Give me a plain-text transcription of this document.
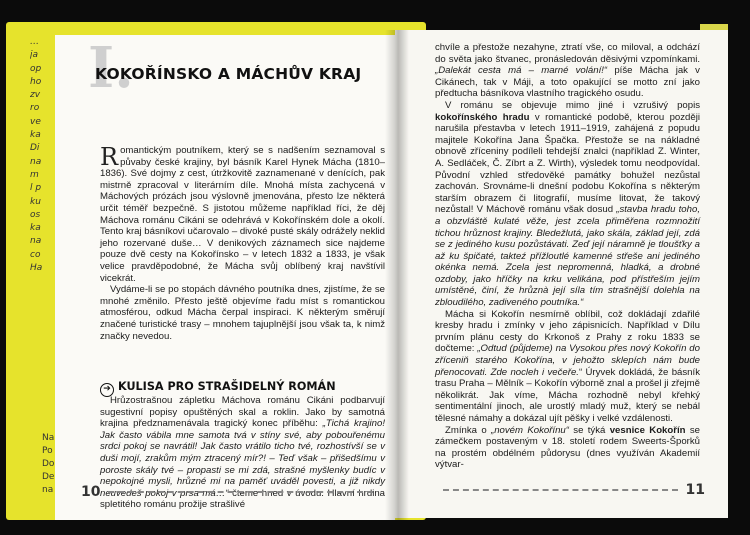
…
ja
op
ho
zv
ro
ve
ka
Di
na
m
l p
ku
os
ka
na
co
Ha
Na
Po
Do
De
na
I.
KOKOŘÍNSKO A MÁCHŮV KRAJ

Romantickým poutníkem, který se s nadšením seznamoval s půvaby české krajiny, byl básník Karel Hynek Mácha (1810–1836). Své dojmy z cest, útržkovitě zaznamenané v denících, pak mistrně zpracoval v literárním díle. Mnohá místa zachycená v Máchových prózách jsou výslovně jmenována, přesto lze některá určit téměř bezpečně. S jistotou můžeme například říci, že děj Máchova románu Cikáni se odehrává v Kokořínském dole a okolí. Tento kraj básníkovi učarovalo – divoké pusté skály odrážely neklid jeho rozervané duše… V denikových záznamech sice najdeme pouze dvě cesty na Kokořínsko – v letech 1832 a 1833, je však velice pravděpodobné, že Mácha svůj oblíbený kraj navštívil vicekrát.

Vydáme-li se po stopách dávného poutníka dnes, zjistíme, že se mnohé změnilo. Přesto ještě objevíme řadu míst s romantickou atmosférou, odkud Mácha čerpal inspiraci. K některým směrují značené turistické trasy – mnohem tajuplnější jsou však ta, k nimž značky nevedou.

➔ KULISA PRO STRAŠIDELNÝ ROMÁN

Hrůzostrašnou zápletku Máchova románu Cikáni podbarvují sugestivní popisy opuštěných skal a roklin. Jako by samotná krajina předznamenávala tragický konec příběhu: „Tichá krajino! Jak často vábila mne samota tvá v stíny své, aby pobouřenému srdci pokoj se navrátil! Jak často vrátilo ticho tvé, rozhostívší se v duši mojí, zrakům mým ztracený mír?! – Teď však – přišedšímu v poroste skály tvé – propasti se mi zdá, strašné myšlenky budíc v nepokojné mysli, hrůzné mi na paměť uváděl povesti, a již nikdy neuvedeš pokoj v prsa má…“ čteme hned v úvodu. Hlavní hrdina spletitého románu prožije strašlivé

10

chvíle a přestože nezahyne, ztratí vše, co miloval, a odchází do světa jako štvanec, pronásledován děsivými vzpomínkami. „Dalekát cesta má – marné volání!“ píše Mácha jak v Cikánech, tak v Máji, a toto opakující se motto zní jako předtucha básníkova vlastního tragického osudu.

V románu se objevuje mimo jiné i vzrušivý popis kokořínského hradu v romantické podobě, kterou později narušila přestavba v letech 1911–1919, zahájená z popudu majitele Kokořína Jana Špačka. Přestože se na nákladné obnově zříceniny podíleli tehdejší znalci (například Z. Winter, A. Sedláček, Č. Zíbrt a Z. Wirth), výsledek tomu neodpovídal. Původní vzhled středověké památky bohužel nezůstal zachován. Srovnáme-li dnešní podobu Kokořína s některým starším obrazem či litografií, musíme litovat, že takový nezůstal! V Máchově románu však dosud „stavba hradu toho, a obzvláště kulaté věže, jest zcela přiměřena rozmnožití tichou hrůznost krajiny. Bledežlutá, jako skála, základ její, zdá se z jediného kusu pozůstávati. Zeď její náramně je tloušťky a až ku špičaté, takteź přížloutlé kamenné střeše ani jediného okénka nemá. Zcela jest nepromenná, hladká, a drobné ozdoby, jako hříčky na krku velikána, pod přístřeším jejím umístěné, činí, že hrůznà její síla tím strašnější dolehla na zbloudilého, zadiveného poutníka.“

Mácha si Kokořín nesmírně oblíbil, což dokládají zdařilé kresby hradu i zmínky v jeho zápisnicích. Například v Dílu prvním plánu cesty do Krkonoš z Prahy z roku 1833 se dočteme: „Odtud (půjdeme) na Vysokou přes nový Kokořín do zříceniň starého Kokořína, v jehožto sklepích nám bude přenocovati. Zde nocleh i večeře.“ Úryvek dokládá, že básník trasu Praha – Mělník – Kokořín výborně znal a prošel ji zřejmě několikrát. Jak víme, Mácha rozhodně nebyl křehký sentimentální jinoch, ale urostlý mladý muž, který se nebál tělesné námahy a dokázal ujít pěšky i velké vzdálenosti.

Zmínka o „novém Kokořínu“ se týká vesnice Kokořín se zámečkem postaveným v 18. století rodem Sweerts-Šporků na prostém obdélném půdorysu (dnes využíván Akademií výtvar-

11
